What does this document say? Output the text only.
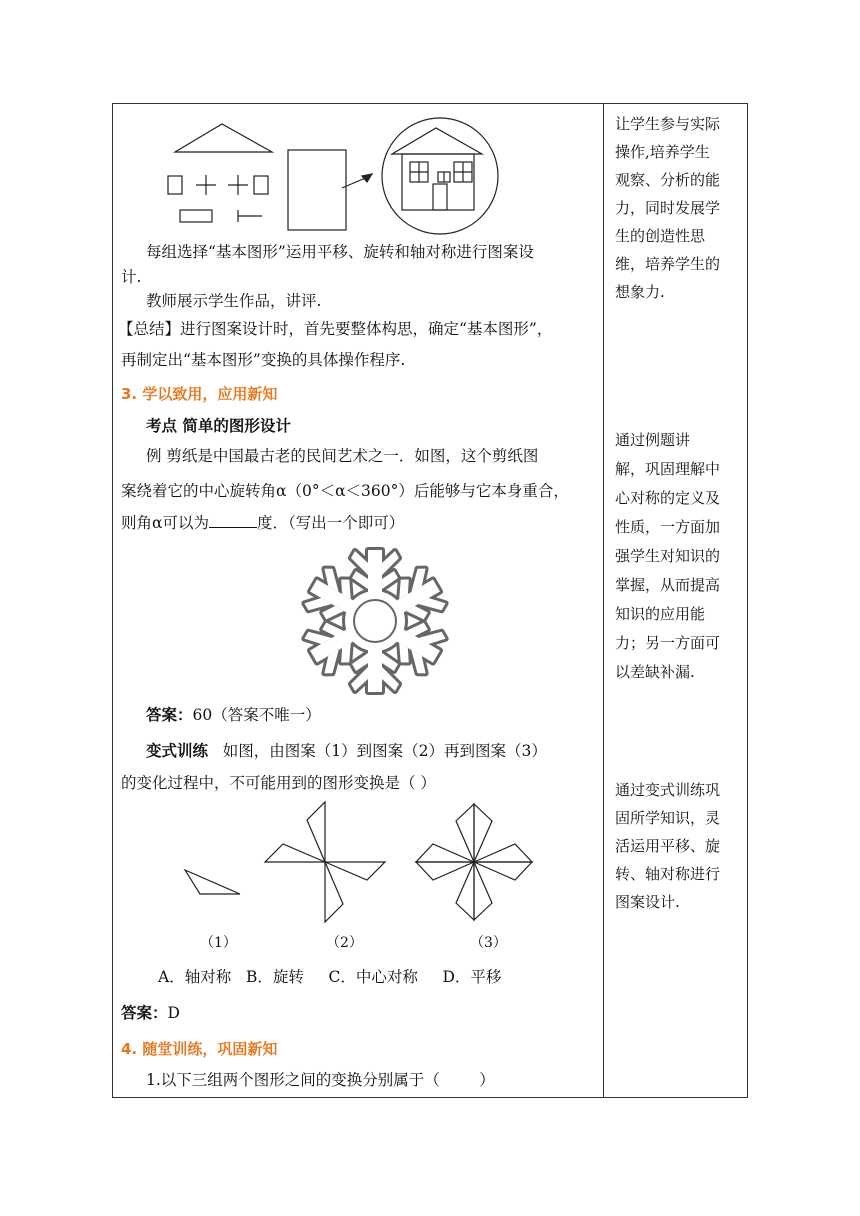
每组选择“基本图形”运用平移、旋转和轴对称进行图案设
计.
教师展示学生作品，讲评.
【总结】进行图案设计时，首先要整体构思，确定“基本图形”，
再制定出“基本图形”变换的具体操作程序.
3. 学以致用，应用新知
考点 简单的图形设计
例 剪纸是中国最古老的民间艺术之一．如图，这个剪纸图
案绕着它的中心旋转角α（0°＜α＜360°）后能够与它本身重合，
则角α可以为	度．（写出一个即可）
答案：60（答案不唯一）
变式训练 如图，由图案（1）到图案（2）再到图案（3）
的变化过程中，不可能用到的图形变换是（ ）
（1）	（2）	（3）
A．轴对称   B．旋转     C．中心对称     D．平移
答案：D
4. 随堂训练，巩固新知
1.以下三组两个图形之间的变换分别属于（        ）
让学生参与实际
操作,培养学生
观察、分析的能
力，同时发展学
生的创造性思
维，培养学生的
想象力.
通过例题讲
解，巩固理解中
心对称的定义及
性质，一方面加
强学生对知识的
掌握，从而提高
知识的应用能
力；另一方面可
以差缺补漏.
通过变式训练巩
固所学知识，灵
活运用平移、旋
转、轴对称进行
图案设计.
